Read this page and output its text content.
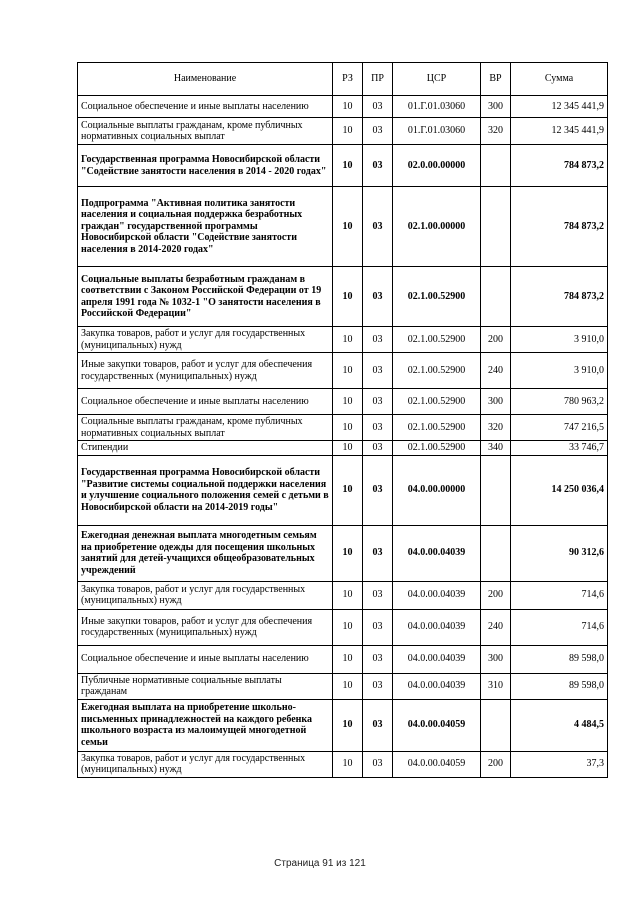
Наименование	РЗ	ПР	ЦСР	ВР	Сумма
Социальное обеспечение и иные выплаты населению	10	03	01.Г.01.03060	300	12 345 441,9
Социальные выплаты гражданам, кроме публичных нормативных социальных выплат	10	03	01.Г.01.03060	320	12 345 441,9
Государственная программа Новосибирской области "Содействие занятости населения в 2014 - 2020 годах"	10	03	02.0.00.00000		784 873,2
Подпрограмма "Активная политика занятости населения и социальная поддержка безработных граждан" государственной программы Новосибирской области "Содействие занятости населения в 2014-2020 годах"	10	03	02.1.00.00000		784 873,2
Социальные выплаты безработным гражданам в соответствии с Законом Российской Федерации от 19 апреля 1991 года № 1032-1 "О занятости населения в Российской Федерации"	10	03	02.1.00.52900		784 873,2
Закупка товаров, работ и услуг для государственных (муниципальных) нужд	10	03	02.1.00.52900	200	3 910,0
Иные закупки товаров, работ и услуг для обеспечения государственных (муниципальных) нужд	10	03	02.1.00.52900	240	3 910,0
Социальное обеспечение и иные выплаты населению	10	03	02.1.00.52900	300	780 963,2
Социальные выплаты гражданам, кроме публичных нормативных социальных выплат	10	03	02.1.00.52900	320	747 216,5
Стипендии	10	03	02.1.00.52900	340	33 746,7
Государственная программа Новосибирской области "Развитие системы социальной поддержки населения и улучшение социального положения семей с детьми в Новосибирской области на 2014-2019 годы"	10	03	04.0.00.00000		14 250 036,4
Ежегодная денежная выплата многодетным семьям на приобретение одежды для посещения школьных занятий для детей-учащихся общеобразовательных учреждений	10	03	04.0.00.04039		90 312,6
Закупка товаров, работ и услуг для государственных (муниципальных) нужд	10	03	04.0.00.04039	200	714,6
Иные закупки товаров, работ и услуг для обеспечения государственных (муниципальных) нужд	10	03	04.0.00.04039	240	714,6
Социальное обеспечение и иные выплаты населению	10	03	04.0.00.04039	300	89 598,0
Публичные нормативные социальные выплаты гражданам	10	03	04.0.00.04039	310	89 598,0
Ежегодная выплата на приобретение школьно-письменных принадлежностей на каждого ребенка школьного возраста из малоимущей многодетной семьи	10	03	04.0.00.04059		4 484,5
Закупка товаров, работ и услуг для государственных (муниципальных) нужд	10	03	04.0.00.04059	200	37,3
Страница 91 из 121
